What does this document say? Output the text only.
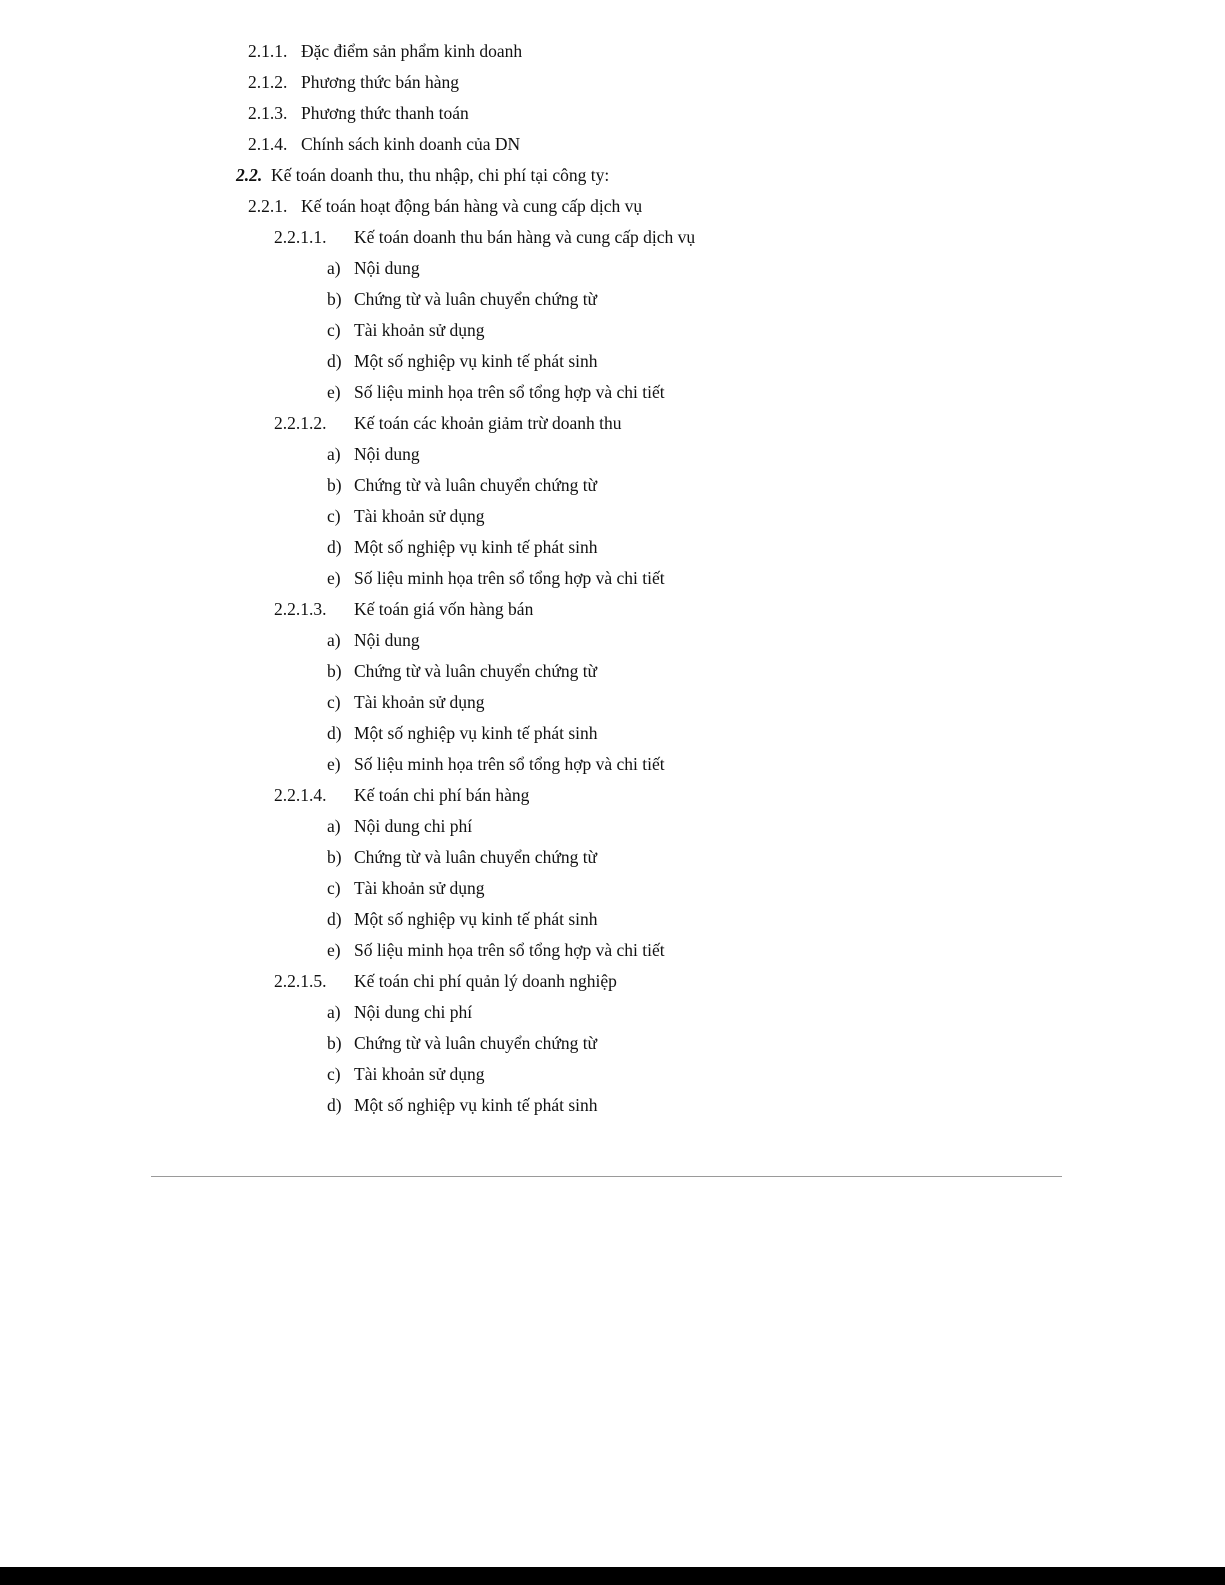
2.1.1. Đặc điểm sản phẩm kinh doanh
2.1.2. Phương thức bán hàng
2.1.3. Phương thức thanh toán
2.1.4. Chính sách kinh doanh của DN
2.2. Kế toán doanh thu, thu nhập, chi phí tại công ty:
2.2.1. Kế toán hoạt động bán hàng và cung cấp dịch vụ
2.2.1.1. Kế toán doanh thu bán hàng và cung cấp dịch vụ
a) Nội dung
b) Chứng từ và luân chuyển chứng từ
c) Tài khoản sử dụng
d) Một số nghiệp vụ kinh tế phát sinh
e) Số liệu minh họa trên sổ tổng hợp và chi tiết
2.2.1.2. Kế toán các khoản giảm trừ doanh thu
a) Nội dung
b) Chứng từ và luân chuyển chứng từ
c) Tài khoản sử dụng
d) Một số nghiệp vụ kinh tế phát sinh
e) Số liệu minh họa trên sổ tổng hợp và chi tiết
2.2.1.3. Kế toán giá vốn hàng bán
a) Nội dung
b) Chứng từ và luân chuyển chứng từ
c) Tài khoản sử dụng
d) Một số nghiệp vụ kinh tế phát sinh
e) Số liệu minh họa trên sổ tổng hợp và chi tiết
2.2.1.4. Kế toán chi phí bán hàng
a) Nội dung chi phí
b) Chứng từ và luân chuyển chứng từ
c) Tài khoản sử dụng
d) Một số nghiệp vụ kinh tế phát sinh
e) Số liệu minh họa trên sổ tổng hợp và chi tiết
2.2.1.5. Kế toán chi phí quản lý doanh nghiệp
a) Nội dung chi phí
b) Chứng từ và luân chuyển chứng từ
c) Tài khoản sử dụng
d) Một số nghiệp vụ kinh tế phát sinh
